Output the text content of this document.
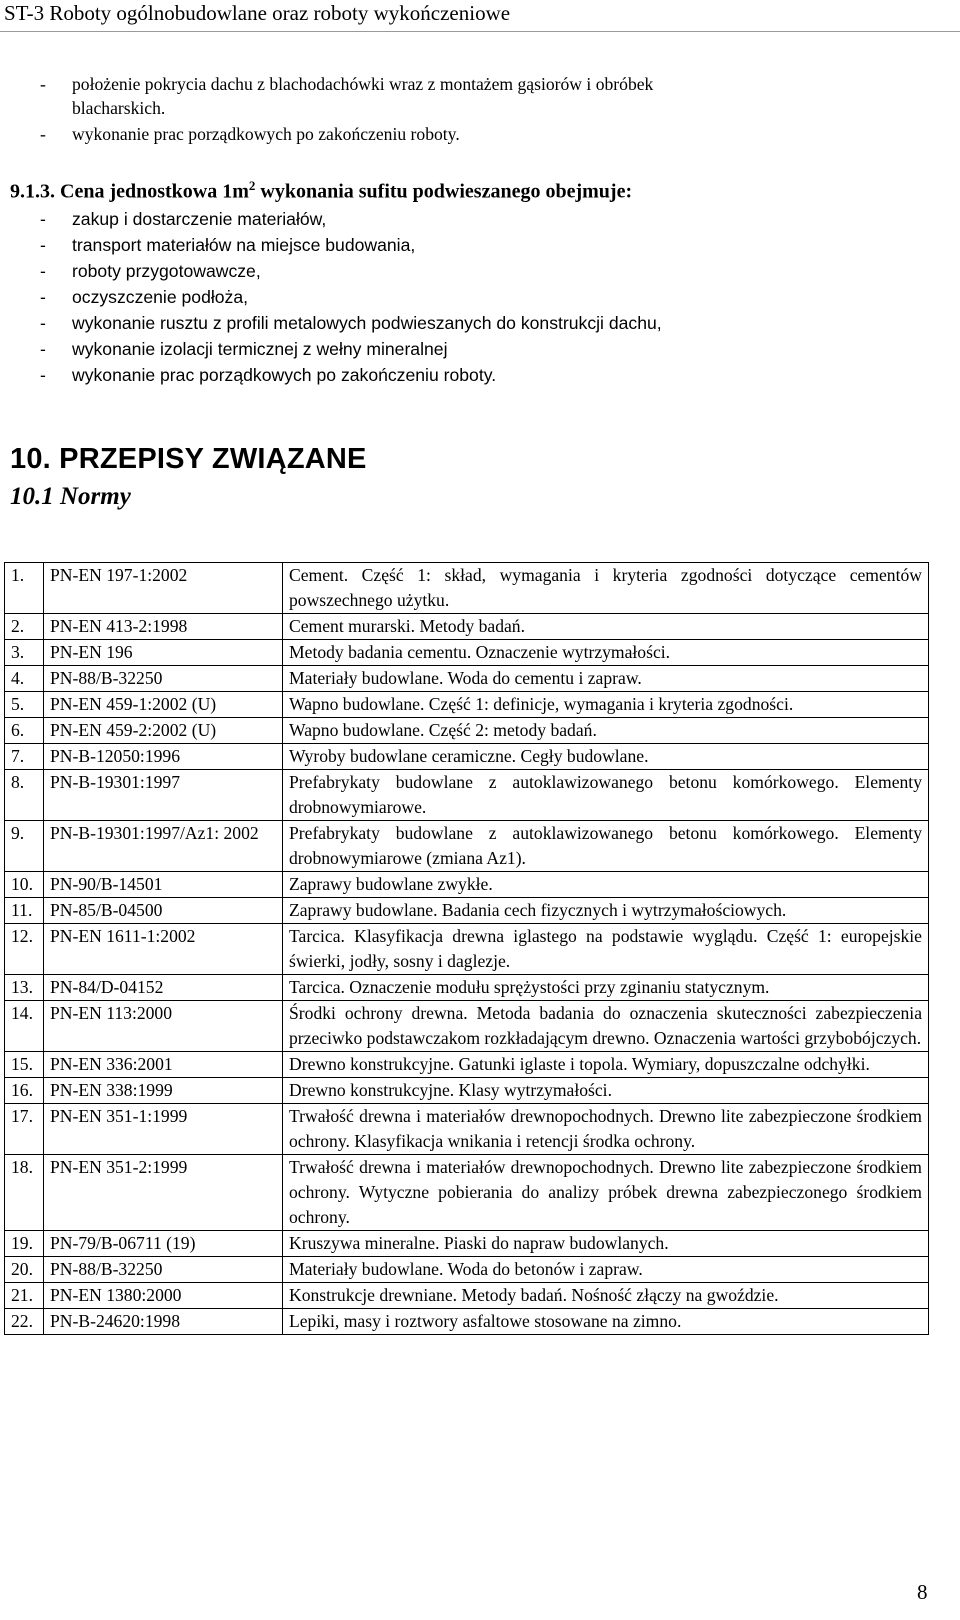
ST-3 Roboty ogólnobudowlane oraz roboty wykończeniowe
- położenie pokrycia dachu z blachodachówki wraz z montażem gąsiorów i obróbek
blacharskich.
- wykonanie prac porządkowych po zakończeniu roboty.
9.1.3. Cena jednostkowa $1m^2$ wykonania sufitu podwieszanego obejmuje:
- zakup i dostarczenie materiałów,
- transport materiałów na miejsce budowania,
- roboty przygotowawcze,
- oczyszczenie podłoża,
- wykonanie rusztu z profili metalowych podwieszanych do konstrukcji dachu,
- wykonanie izolacji termicznej z wełny mineralnej
- wykonanie prac porządkowych po zakończeniu roboty.
10. PRZEPISY ZWIĄZANE
10.1 Normy
1.	PN-EN 197-1:2002	Cement. Część 1: skład, wymagania i kryteria zgodności dotyczące cementów powszechnego użytku.
2.	PN-EN 413-2:1998	Cement murarski. Metody badań.
3.	PN-EN 196	Metody badania cementu. Oznaczenie wytrzymałości.
4.	PN-88/B-32250	Materiały budowlane. Woda do cementu i zapraw.
5.	PN-EN 459-1:2002 (U)	Wapno budowlane. Część 1: definicje, wymagania i kryteria zgodności.
6.	PN-EN 459-2:2002 (U)	Wapno budowlane. Część 2: metody badań.
7.	PN-B-12050:1996	Wyroby budowlane ceramiczne. Cegły budowlane.
8.	PN-B-19301:1997	Prefabrykaty budowlane z autoklawizowanego betonu komórkowego. Elementy drobnowymiarowe.
9.	PN-B-19301:1997/Az1: 2002	Prefabrykaty budowlane z autoklawizowanego betonu komórkowego. Elementy drobnowymiarowe (zmiana Az1).
10.	PN-90/B-14501	Zaprawy budowlane zwykłe.
11.	PN-85/B-04500	Zaprawy budowlane. Badania cech fizycznych i wytrzymałościowych.
12.	PN-EN 1611-1:2002	Tarcica. Klasyfikacja drewna iglastego na podstawie wyglądu. Część 1: europejskie świerki, jodły, sosny i daglezje.
13.	PN-84/D-04152	Tarcica. Oznaczenie modułu sprężystości przy zginaniu statycznym.
14.	PN-EN 113:2000	Środki ochrony drewna. Metoda badania do oznaczenia skuteczności zabezpieczenia przeciwko podstawczakom rozkładającym drewno. Oznaczenia wartości grzybobójczych.
15.	PN-EN 336:2001	Drewno konstrukcyjne. Gatunki iglaste i topola. Wymiary, dopuszczalne odchyłki.
16.	PN-EN 338:1999	Drewno konstrukcyjne. Klasy wytrzymałości.
17.	PN-EN 351-1:1999	Trwałość drewna i materiałów drewnopochodnych. Drewno lite zabezpieczone środkiem ochrony. Klasyfikacja wnikania i retencji środka ochrony.
18.	PN-EN 351-2:1999	Trwałość drewna i materiałów drewnopochodnych. Drewno lite zabezpieczone środkiem ochrony. Wytyczne pobierania do analizy próbek drewna zabezpieczonego środkiem ochrony.
19.	PN-79/B-06711 (19)	Kruszywa mineralne. Piaski do napraw budowlanych.
20.	PN-88/B-32250	Materiały budowlane. Woda do betonów i zapraw.
21.	PN-EN 1380:2000	Konstrukcje drewniane. Metody badań. Nośność złączy na gwoździe.
22.	PN-B-24620:1998	Lepiki, masy i roztwory asfaltowe stosowane na zimno.
8
